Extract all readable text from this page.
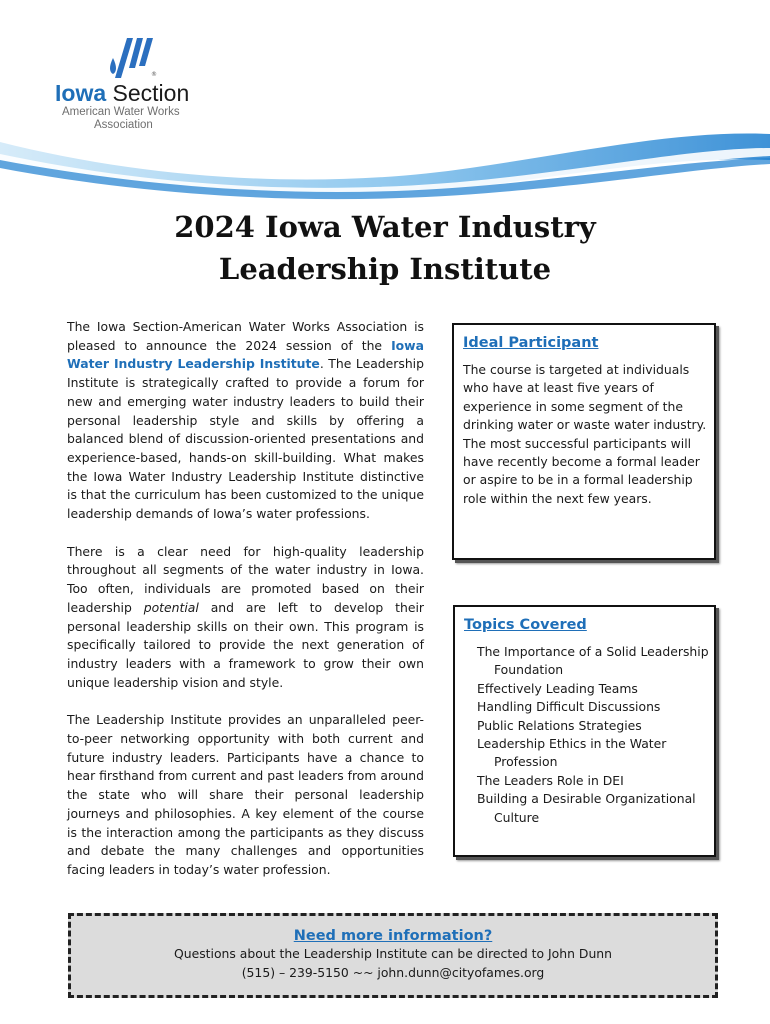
®
Iowa Section
American Water Works
Association
2024 Iowa Water Industry
Leadership Institute

The Iowa Section-American Water Works Association is pleased to announce the 2024 session of the Iowa Water Industry Leadership Institute. The Leadership Institute is strategically crafted to provide a forum for new and emerging water industry leaders to build their personal leadership style and skills by offering a balanced blend of discussion-oriented presentations and experience-based, hands-on skill-building. What makes the Iowa Water Industry Leadership Institute distinctive is that the curriculum has been customized to the unique leadership demands of Iowa’s water professions.

There is a clear need for high-quality leadership throughout all segments of the water industry in Iowa. Too often, individuals are promoted based on their leadership potential and are left to develop their personal leadership skills on their own. This program is specifically tailored to provide the next generation of industry leaders with a framework to grow their own unique leadership vision and style.

The Leadership Institute provides an unparalleled peer-to-peer networking opportunity with both current and future industry leaders. Participants have a chance to hear firsthand from current and past leaders from around the state who will share their personal leadership journeys and philosophies. A key element of the course is the interaction among the participants as they discuss and debate the many challenges and opportunities facing leaders in today’s water profession.

Ideal Participant
The course is targeted at individuals who have at least five years of experience in some segment of the drinking water or waste water industry. The most successful participants will have recently become a formal leader or aspire to be in a formal leadership role within the next few years.
Topics Covered
The Importance of a Solid Leadership Foundation
Effectively Leading Teams
Handling Difficult Discussions
Public Relations Strategies
Leadership Ethics in the Water Profession
The Leaders Role in DEI
Building a Desirable Organizational Culture
Need more information?
Questions about the Leadership Institute can be directed to John Dunn
(515) – 239-5150 ~~ john.dunn@cityofames.org
